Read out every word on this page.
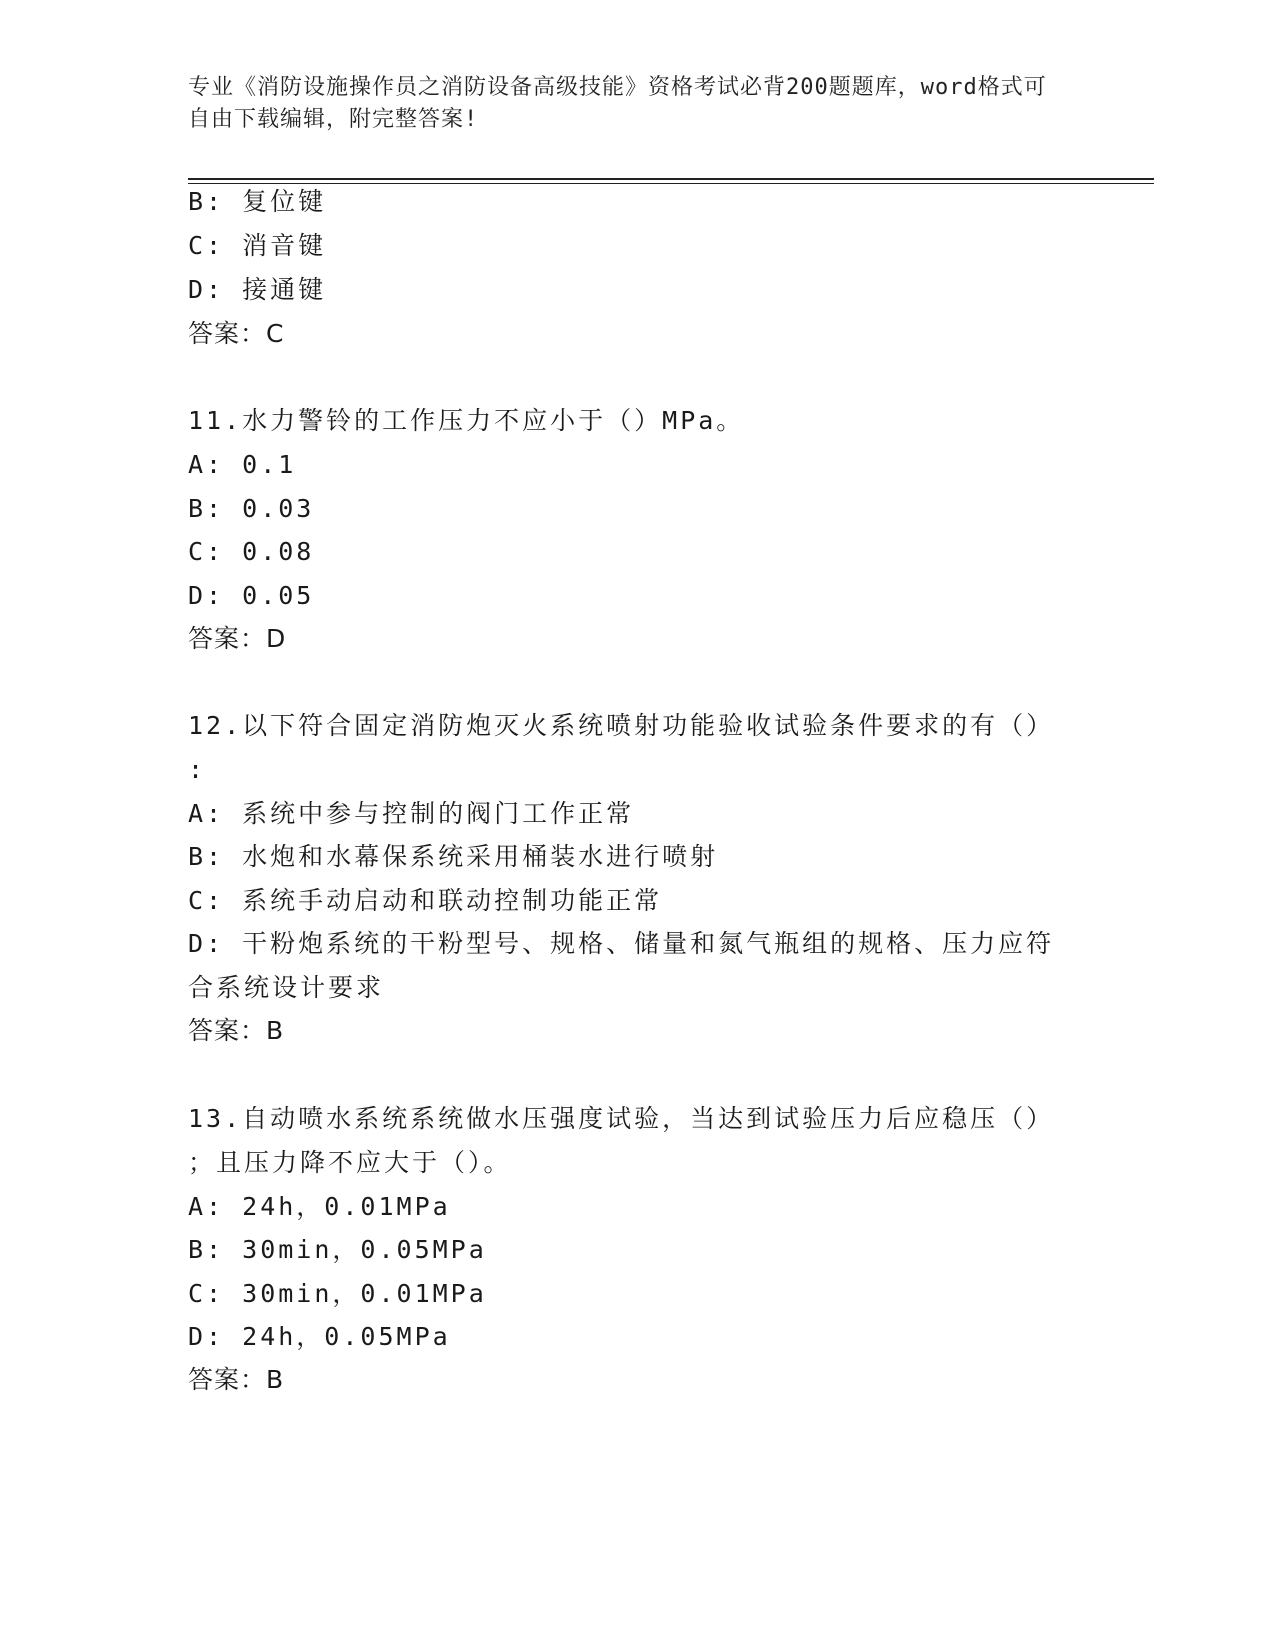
专业《消防设施操作员之消防设备高级技能》资格考试必背200题题库，word格式可自由下载编辑，附完整答案!
B: 复位键
C: 消音键
D: 接通键
答案：C
11.水力警铃的工作压力不应小于（）MPa。
A: 0.1
B: 0.03
C: 0.08
D: 0.05
答案：D
12.以下符合固定消防炮灭火系统喷射功能验收试验条件要求的有（）
:
A: 系统中参与控制的阀门工作正常
B: 水炮和水幕保系统采用桶装水进行喷射
C: 系统手动启动和联动控制功能正常
D: 干粉炮系统的干粉型号、规格、储量和氮气瓶组的规格、压力应符
合系统设计要求
答案：B
13.自动喷水系统系统做水压强度试验，当达到试验压力后应稳压（）
；且压力降不应大于（）。
A: 24h，0.01MPa
B: 30min，0.05MPa
C: 30min，0.01MPa
D: 24h，0.05MPa
答案：B
